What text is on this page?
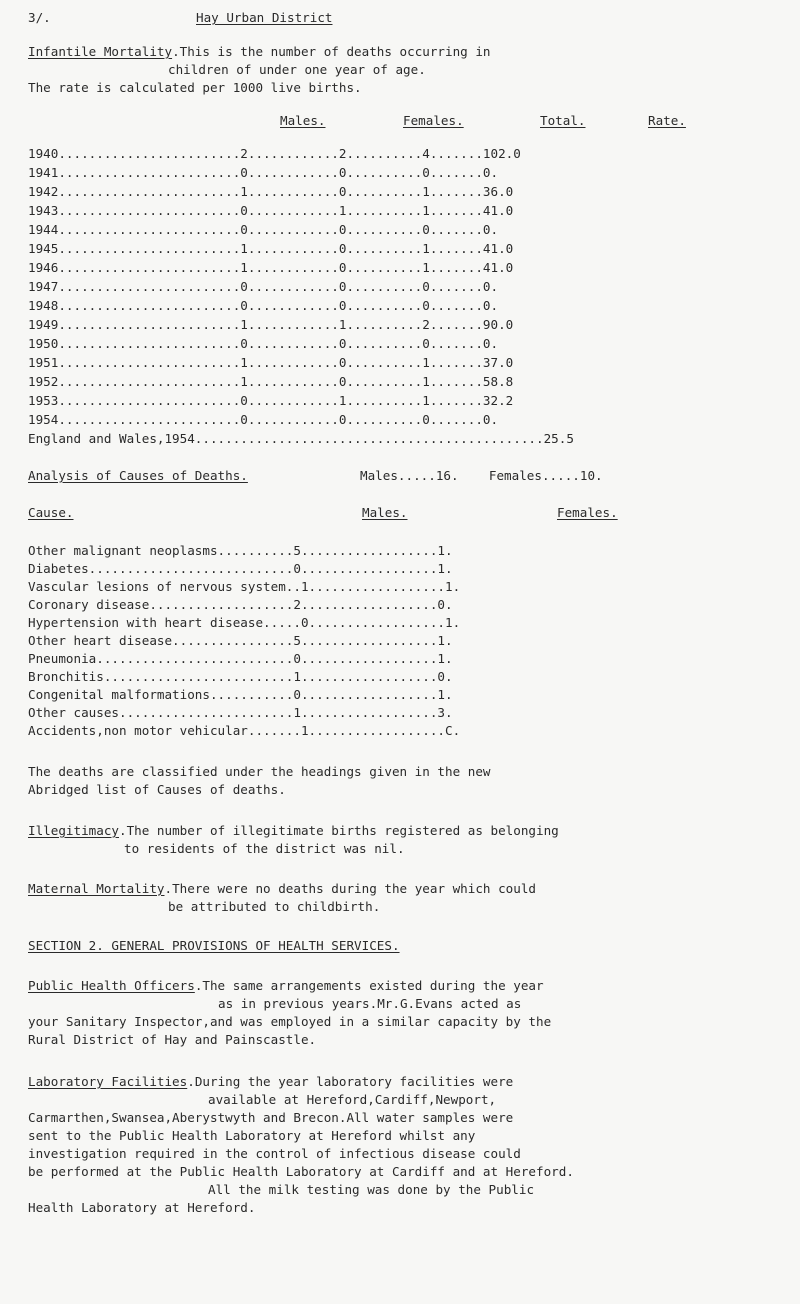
3/.	Hay Urban District
Infantile Mortality.This is the number of deaths occurring in
children of under one year of age.
The rate is calculated per 1000 live births.
Males.	Females.	Total.	Rate.
1940........................2............2..........4.......102.0
1941........................0............0..........0.......0.
1942........................1............0..........1.......36.0
1943........................0............1..........1.......41.0
1944........................0............0..........0.......0.
1945........................1............0..........1.......41.0
1946........................1............0..........1.......41.0
1947........................0............0..........0.......0.
1948........................0............0..........0.......0.
1949........................1............1..........2.......90.0
1950........................0............0..........0.......0.
1951........................1............0..........1.......37.0
1952........................1............0..........1.......58.8
1953........................0............1..........1.......32.2
1954........................0............0..........0.......0.
England and Wales,1954..............................................25.5
Analysis of Causes of Deaths.	Males.....16.    Females.....10.
Cause.	Males.	Females.
Other malignant neoplasms..........5..................1.
Diabetes...........................0..................1.
Vascular lesions of nervous system..1..................1.
Coronary disease...................2..................0.
Hypertension with heart disease.....0..................1.
Other heart disease................5..................1.
Pneumonia..........................0..................1.
Bronchitis.........................1..................0.
Congenital malformations...........0..................1.
Other causes.......................1..................3.
Accidents,non motor vehicular.......1..................C.
The deaths are classified under the headings given in the new
Abridged list of Causes of deaths.
Illegitimacy.The number of illegitimate births registered as belonging
to residents of the district was nil.
Maternal Mortality.There were no deaths during the year which could
be attributed to childbirth.
SECTION 2. GENERAL PROVISIONS OF HEALTH SERVICES.
Public Health Officers.The same arrangements existed during the year
as in previous years.Mr.G.Evans acted as
your Sanitary Inspector,and was employed in a similar capacity by the
Rural District of Hay and Painscastle.
Laboratory Facilities.During the year laboratory facilities were
available at Hereford,Cardiff,Newport,
Carmarthen,Swansea,Aberystwyth and Brecon.All water samples were
sent to the Public Health Laboratory at Hereford whilst any
investigation required in the control of infectious disease could
be performed at the Public Health Laboratory at Cardiff and at Hereford.
All the milk testing was done by the Public
Health Laboratory at Hereford.
